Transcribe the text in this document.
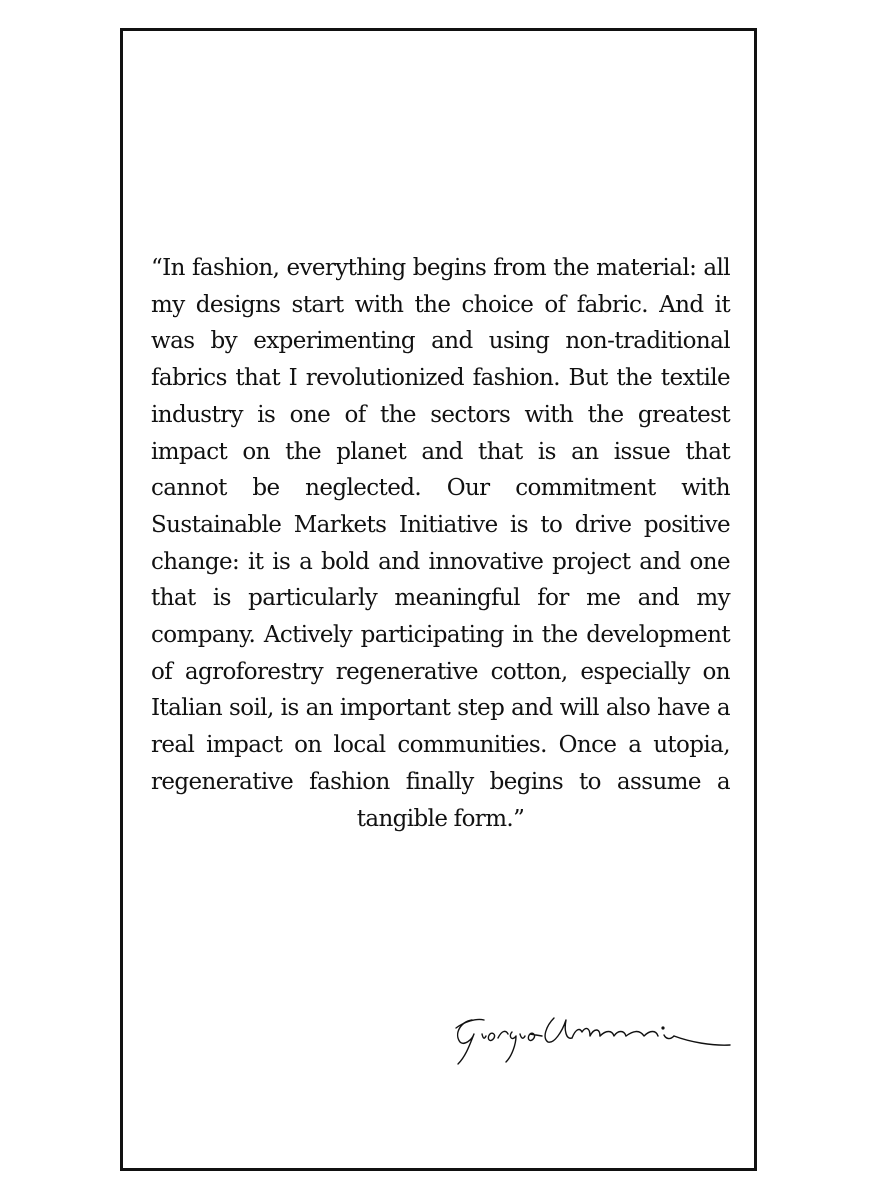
“In fashion, everything begins from the material: all my designs start with the choice of fabric. And it was by experimenting and using non-traditional fabrics that I revolutionized fashion. But the textile industry is one of the sectors with the greatest impact on the planet and that is an issue that cannot be neglected. Our commitment with Sustainable Markets Initiative is to drive positive change: it is a bold and innovative project and one that is particularly meaningful for me and my company. Actively participating in the development of agroforestry regenerative cotton, especially on Italian soil, is an important step and will also have a real impact on local communities. Once a utopia, regenerative fashion finally begins to assume a tangible form.”
